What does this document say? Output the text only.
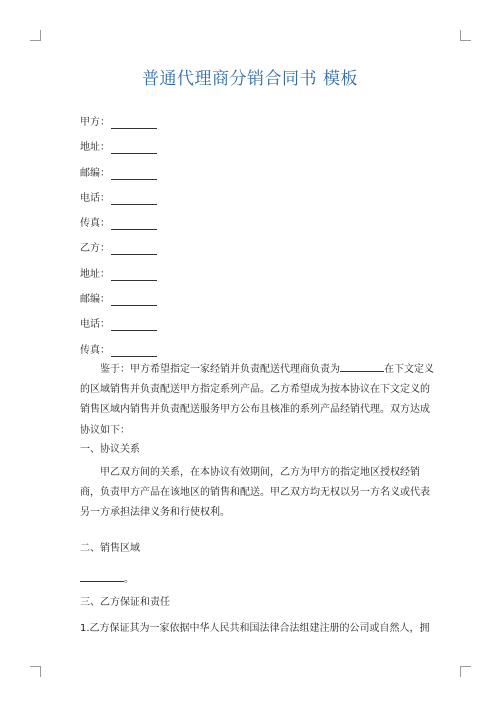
普通代理商分销合同书 模板
甲方：
地址：
邮编：
电话：
传真：
乙方：
地址：
邮编：
电话：
传真：

鉴于：甲方希望指定一家经销并负责配送代理商负责为	在下文定义的区域销售并负责配送甲方指定系列产品。乙方希望成为按本协议在下文定义的销售区域内销售并负责配送服务甲方公布且核准的系列产品经销代理。双方达成协议如下：

一、协议关系

甲乙双方间的关系，在本协议有效期间，乙方为甲方的指定地区授权经销商，负责甲方产品在该地区的销售和配送。甲乙双方均无权以另一方名义或代表另一方承担法律义务和行使权利。

二、销售区域

。

三、乙方保证和责任

1.乙方保证其为一家依据中华人民共和国法律合法组建注册的公司或自然人，拥
